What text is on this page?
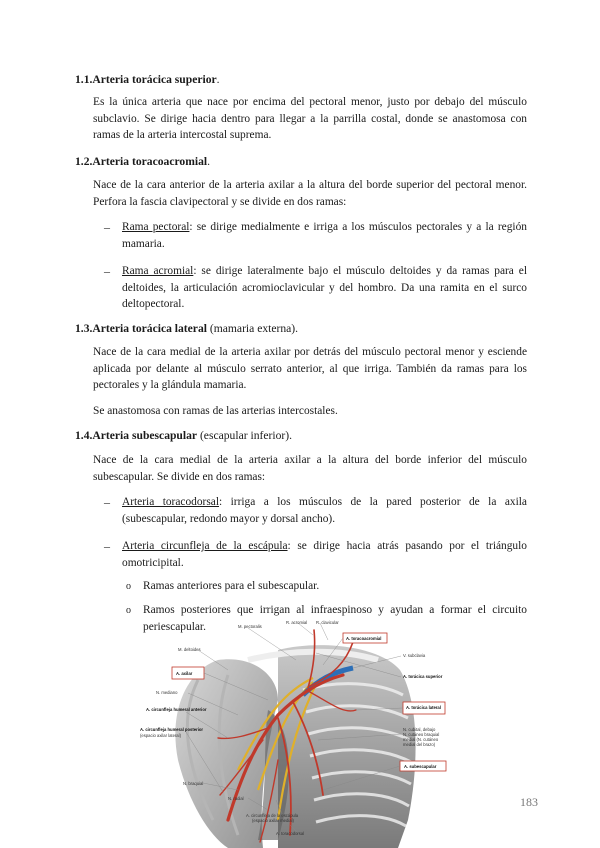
1.1.Arteria torácica superior.

Es la única arteria que nace por encima del pectoral menor, justo por debajo del músculo subclavio. Se dirige hacia dentro para llegar a la parrilla costal, donde se anastomosa con ramas de la arteria intercostal suprema.

1.2.Arteria toracoacromial.

Nace de la cara anterior de la arteria axilar a la altura del borde superior del pectoral menor. Perfora la fascia clavipectoral y se divide en dos ramas:

– Rama pectoral: se dirige medialmente e irriga a los músculos pectorales y a la región mamaria.

– Rama acromial: se dirige lateralmente bajo el músculo deltoides y da ramas para el deltoides, la articulación acromioclavicular y del hombro. Da una ramita en el surco deltopectoral.

1.3.Arteria torácica lateral (mamaria externa).

Nace de la cara medial de la arteria axilar por detrás del músculo pectoral menor y esciende aplicada por delante al músculo serrato anterior, al que irriga. También da ramas para los pectorales y la glándula mamaria.

Se anastomosa con ramas de las arterias intercostales.

1.4.Arteria subescapular (escapular inferior).

Nace de la cara medial de la arteria axilar a la altura del borde inferior del músculo subescapular. Se divide en dos ramas:

– Arteria toracodorsal: irriga a los músculos de la pared posterior de la axila (subescapular, redondo mayor y dorsal ancho).

– Arteria circunfleja de la escápula: se dirige hacia atrás pasando por el triángulo omotricipital.

o Ramas anteriores para el subescapular.

o Ramos posteriores que irrigan al infraespinoso y ayudan a formar el circuito periescapular.

M. deltoides
A. axilar
N. mediano
A. circunfleja humeral anterior
A. circunfleja humeral posterior
(espacio axilar lateral)
N. braquial
N. radial
A. circunfleja de la escápula
(espacio axilar medial)
A. toracodorsal
M. pectoralis
R. acromial R. clavicular
A. toracoacromial
V. subclavia
A. torácica superior
A. torácica lateral
N. cubital, debajo
N. cutáneo braquial
medial (N. cutáneo
medial del brazo)
A. subescapular
183
